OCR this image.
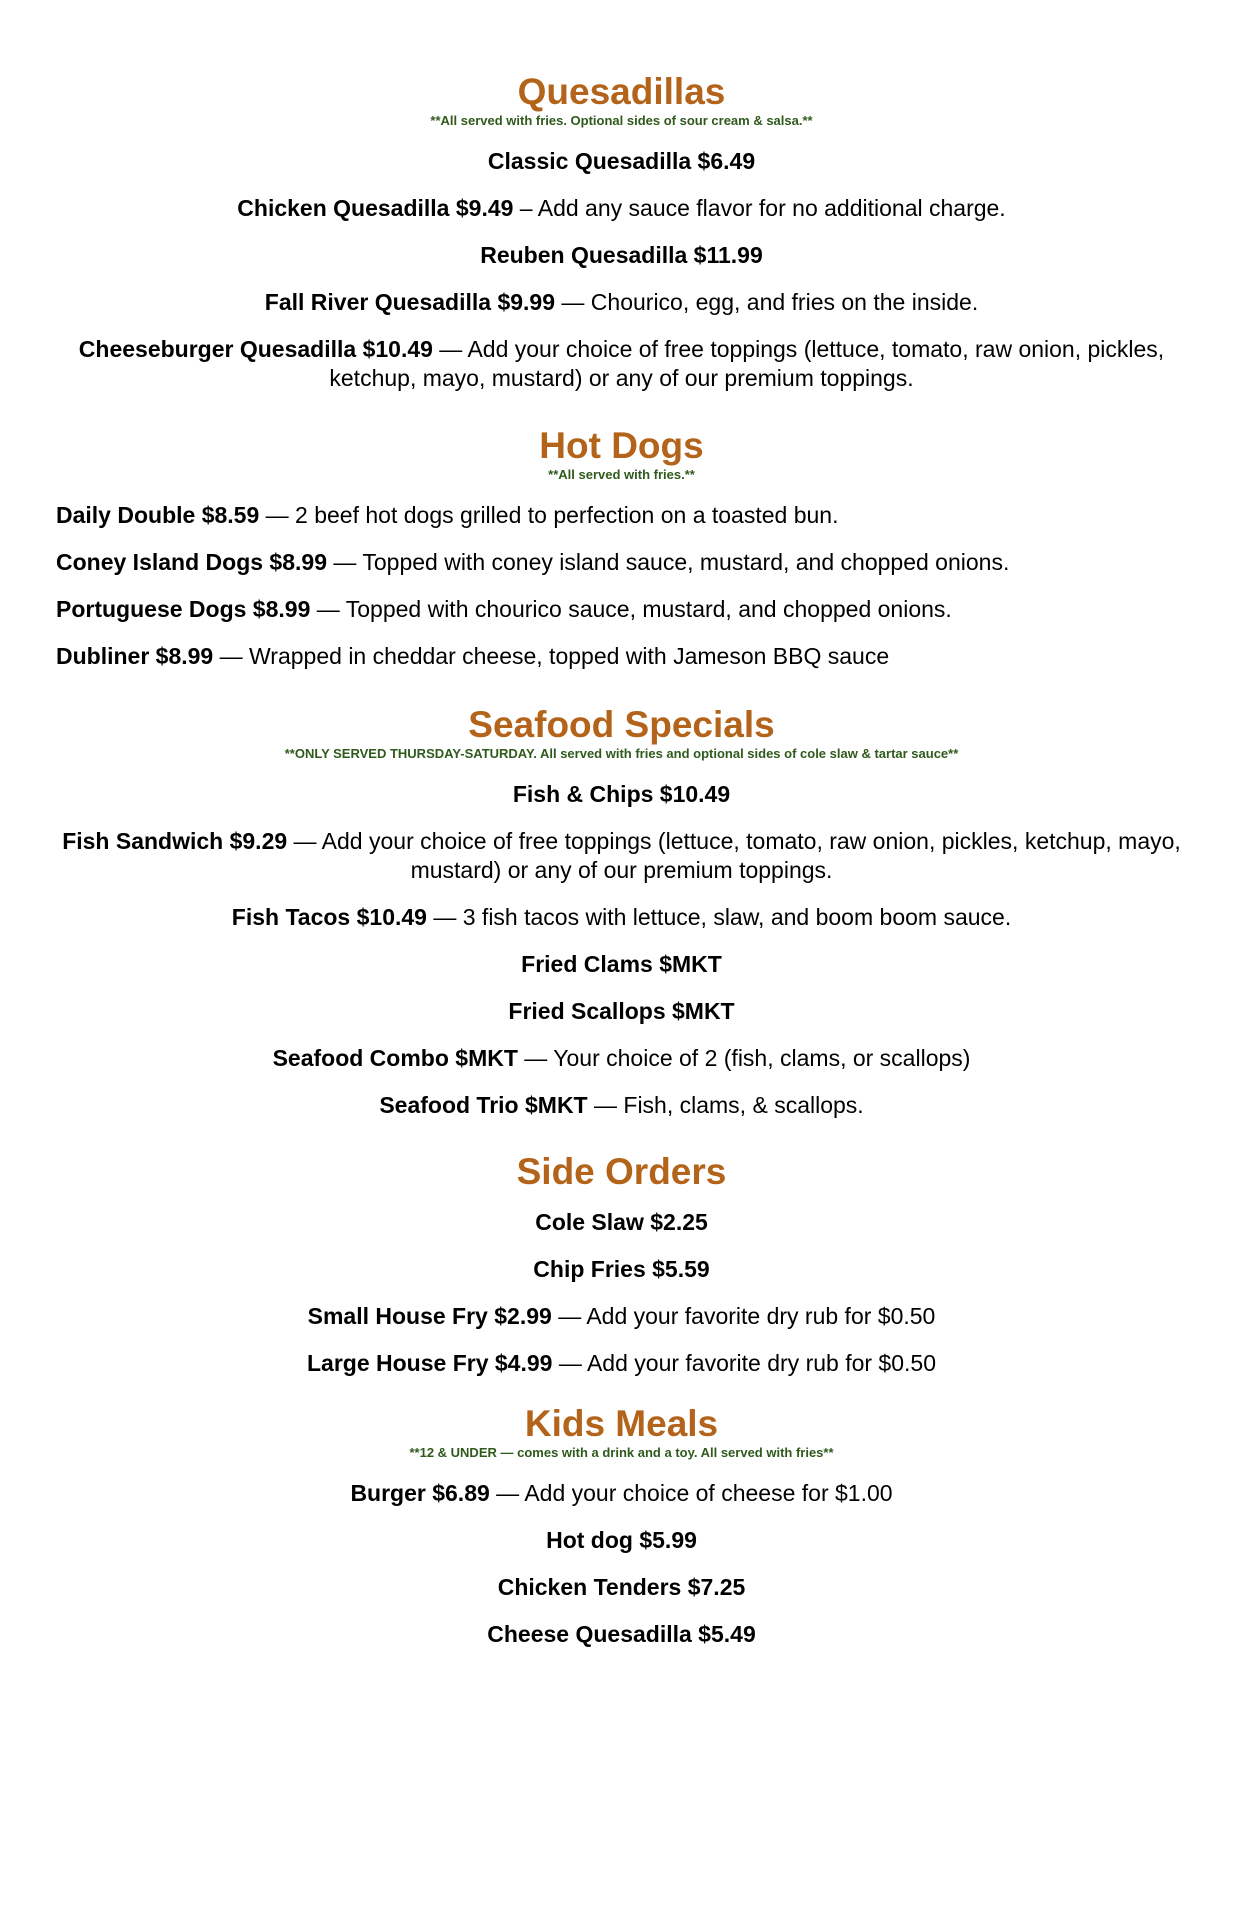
Quesadillas
**All served with fries. Optional sides of sour cream & salsa.**
Classic Quesadilla $6.49
Chicken Quesadilla $9.49 – Add any sauce flavor for no additional charge.
Reuben Quesadilla $11.99
Fall River Quesadilla $9.99 — Chourico, egg, and fries on the inside.
Cheeseburger Quesadilla $10.49 — Add your choice of free toppings (lettuce, tomato, raw onion, pickles, ketchup, mayo, mustard) or any of our premium toppings.
Hot Dogs
**All served with fries.**
Daily Double $8.59 — 2 beef hot dogs grilled to perfection on a toasted bun.
Coney Island Dogs $8.99 — Topped with coney island sauce, mustard, and chopped onions.
Portuguese Dogs $8.99 — Topped with chourico sauce, mustard, and chopped onions.
Dubliner $8.99 — Wrapped in cheddar cheese, topped with Jameson BBQ sauce
Seafood Specials
**ONLY SERVED THURSDAY-SATURDAY. All served with fries and optional sides of cole slaw & tartar sauce**
Fish & Chips $10.49
Fish Sandwich $9.29 — Add your choice of free toppings (lettuce, tomato, raw onion, pickles, ketchup, mayo, mustard) or any of our premium toppings.
Fish Tacos $10.49 — 3 fish tacos with lettuce, slaw, and boom boom sauce.
Fried Clams $MKT
Fried Scallops $MKT
Seafood Combo $MKT — Your choice of 2 (fish, clams, or scallops)
Seafood Trio $MKT — Fish, clams, & scallops.
Side Orders
Cole Slaw $2.25
Chip Fries $5.59
Small House Fry $2.99 — Add your favorite dry rub for $0.50
Large House Fry $4.99 — Add your favorite dry rub for $0.50
Kids Meals
**12 & UNDER — comes with a drink and a toy. All served with fries**
Burger $6.89 — Add your choice of cheese for $1.00
Hot dog $5.99
Chicken Tenders $7.25
Cheese Quesadilla $5.49
